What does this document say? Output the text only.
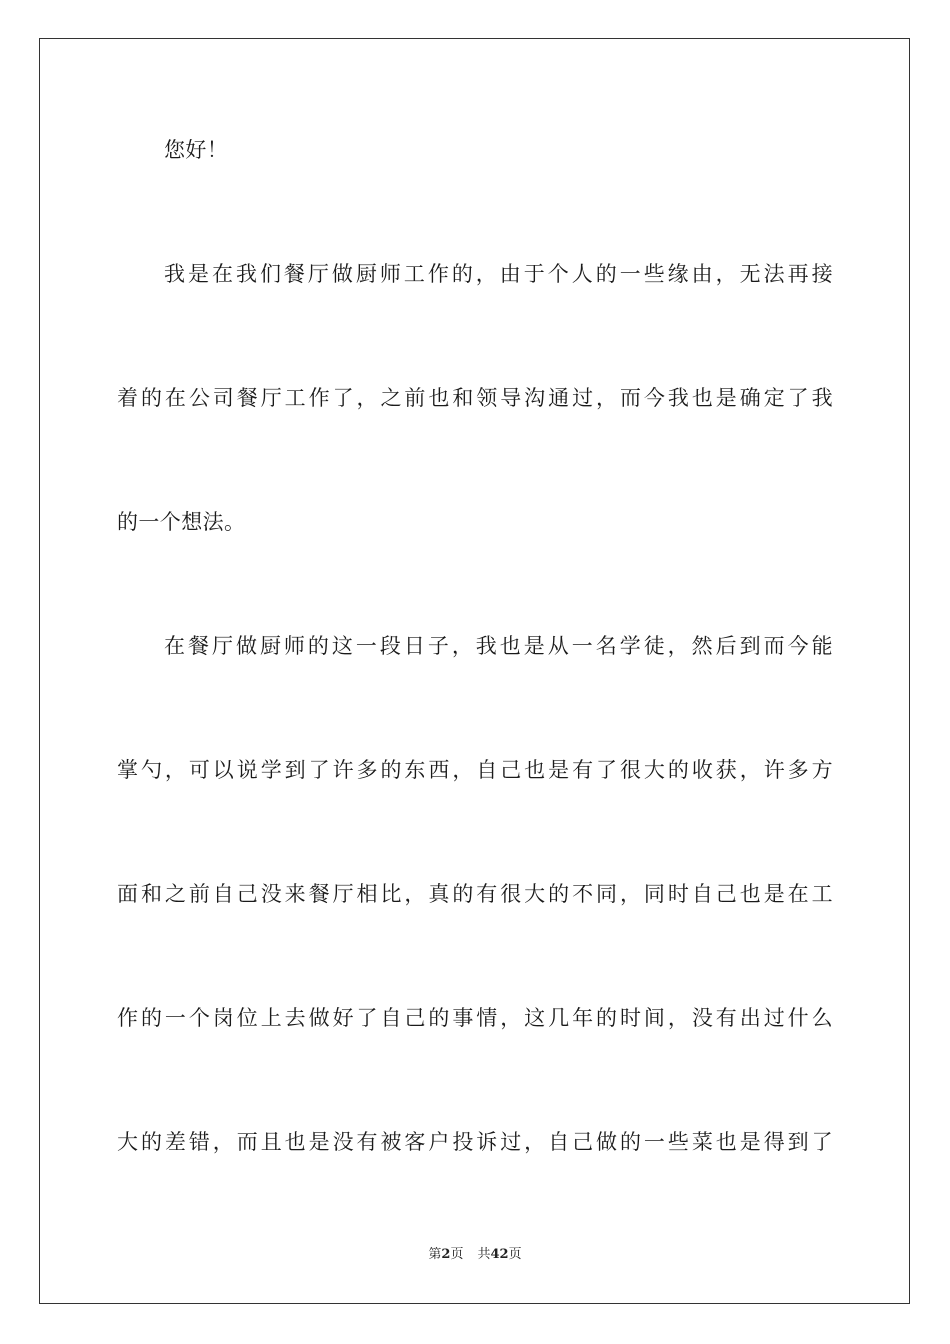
您好！
我是在我们餐厅做厨师工作的，由于个人的一些缘由，无法再接
着的在公司餐厅工作了，之前也和领导沟通过，而今我也是确定了我
的一个想法。
在餐厅做厨师的这一段日子，我也是从一名学徒，然后到而今能
掌勺，可以说学到了许多的东西，自己也是有了很大的收获，许多方
面和之前自己没来餐厅相比，真的有很大的不同，同时自己也是在工
作的一个岗位上去做好了自己的事情，这几年的时间，没有出过什么
大的差错，而且也是没有被客户投诉过，自己做的一些菜也是得到了
第2页 共42页
